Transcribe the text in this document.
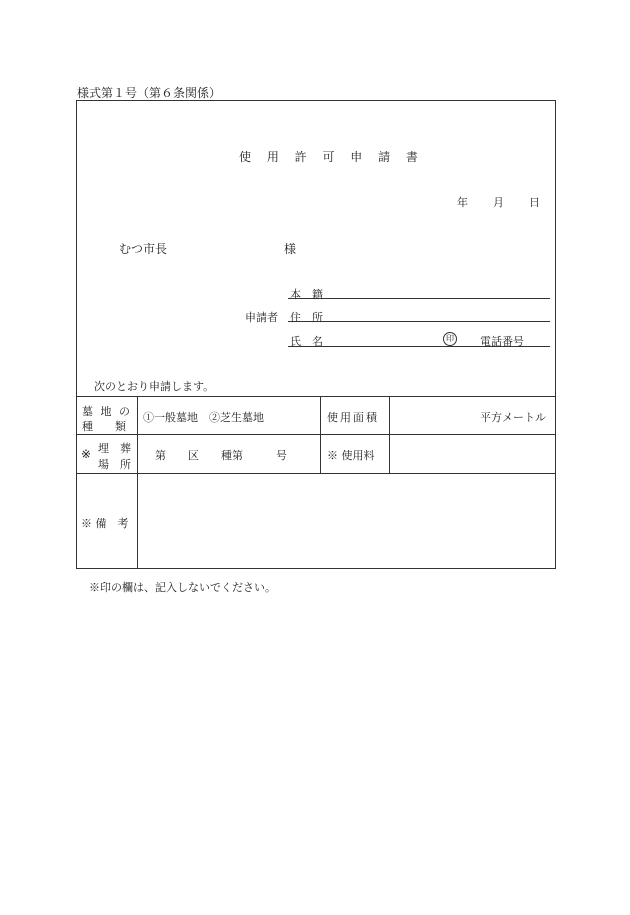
様式第１号（第６条関係）
使 用 許 可 申 請 書
年 月 日
むつ市長	様
申請者
本　籍
住　所
氏　名	印 電話番号
次のとおり申請します。
墓 地 の
種　　類
①一般墓地　②芝生墓地	使用面積	平方メートル
※ 埋　葬
場　所
第　　区　　種第　　　号	※ 使用料
※ 備　考
※印の欄は、記入しないでください。
